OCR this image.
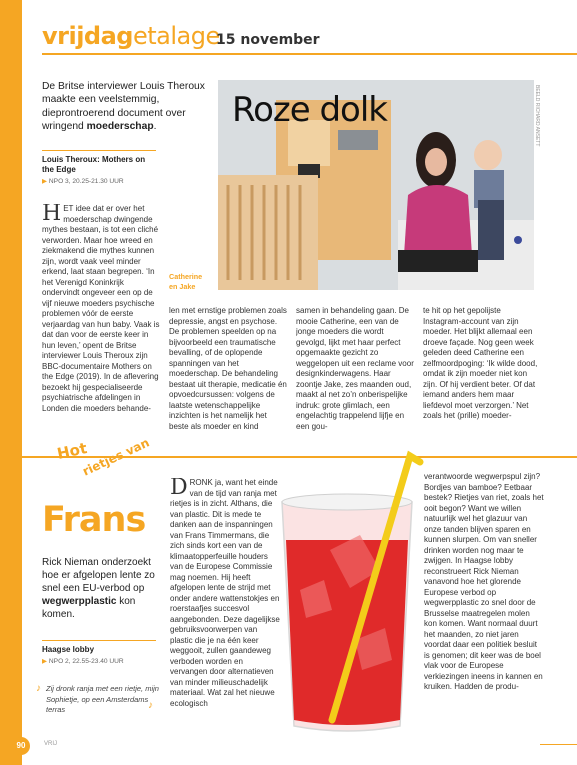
vrijdagetalage
15 november
De Britse interviewer Louis Theroux maakte een veelstemmig, dieprontroerend document over wringend moederschap.
Louis Theroux: Mothers on the Edge
▶ NPO 3, 20.25-21.30 UUR

HET idee dat er over het moederschap dwingende mythes bestaan, is tot een cliché verworden. Maar hoe wreed en ziekmakend die mythes kunnen zijn, wordt vaak veel minder erkend, laat staan begrepen. ‘In het Verenigd Koninkrijk ondervindt ongeveer een op de vijf nieuwe moeders psychische problemen vóór de eerste verjaardag van hun baby. Vaak is dat dan voor de eerste keer in hun leven,’ opent de Britse interviewer Louis Theroux zijn BBC-documentaire Mothers on the Edge (2019). In de aflevering bezoekt hij gespecialiseerde psychiatrische afdelingen in Londen die moeders behande-

Roze dolk	BEELD RICHARD ANSETT
Catherine
en Jake

len met ernstige problemen zoals depressie, angst en psychose. De problemen speelden op na bijvoorbeeld een traumatische bevalling, of de oplopende spanningen van het moederschap. De behandeling bestaat uit therapie, medicatie én opvoedcursussen: volgens de laatste wetenschappelijke inzichten is het namelijk het beste als moeder en kind

samen in behandeling gaan. De mooie Catherine, een van de jonge moeders die wordt gevolgd, lijkt met haar perfect opgemaakte gezicht zo weggelopen uit een reclame voor designkinderwagens. Haar zoontje Jake, zes maanden oud, maakt al net zo’n onberispelijke indruk: grote glimlach, een engelachtig trappelend lijfje en een gou-

te hit op het gepolijste Instagram-account van zijn moeder. Het blijkt allemaal een droeve façade. Nog geen week geleden deed Catherine een zelfmoordpoging: ‘Ik wilde dood, omdat ik zijn moeder niet kon zijn. Of hij verdient beter. Of dat iemand anders hem maar liefdevol moet verzorgen.’ Net zoals het (prille) moeder-

Hot
rietjes van
Frans
Rick Nieman onderzoekt hoe er afgelopen lente zo snel een EU-verbod op wegwerpplastic kon komen.
Haagse lobby
▶ NPO 2, 22.55-23.40 UUR
♪
♪
Zij dronk ranja met een rietje, mijn Sophietje, op een Amsterdams terras

DRONK ja, want het einde van de tijd van ranja met rietjes is in zicht. Althans, die van plastic. Dit is mede te danken aan de inspanningen van Frans Timmermans, die zich sinds kort een van de klimaatopperfeuille houders van de Europese Commissie mag noemen. Hij heeft afgelopen lente de strijd met onder andere wattenstokjes en roerstaafjes succesvol aangebonden. Deze dagelijkse gebruiksvoorwerpen van plastic die je na één keer weggooit, zullen gaandeweg verboden worden en vervangen door alternatieven van minder milieuschadelijk materiaal. Wat zal het nieuwe ecologisch

verantwoorde wegwerpspul zijn? Bordjes van bamboe? Eetbaar bestek? Rietjes van riet, zoals het ooit begon? Want we willen natuurlijk wel het glazuur van onze tanden blijven sparen en kunnen slurpen. Om van sneller drinken worden nog maar te zwijgen. In Haagse lobby reconstrueert Rick Nieman vanavond hoe het glorende Europese verbod op wegwerpplastic zo snel door de Brusselse maatregelen molen kon komen. Want normaal duurt het maanden, zo niet jaren voordat daar een politiek besluit is genomen; dit keer was de boel vlak voor de Europese verkiezingen ineens in kannen en kruiken. Hadden de produ-

90	VRIJ
